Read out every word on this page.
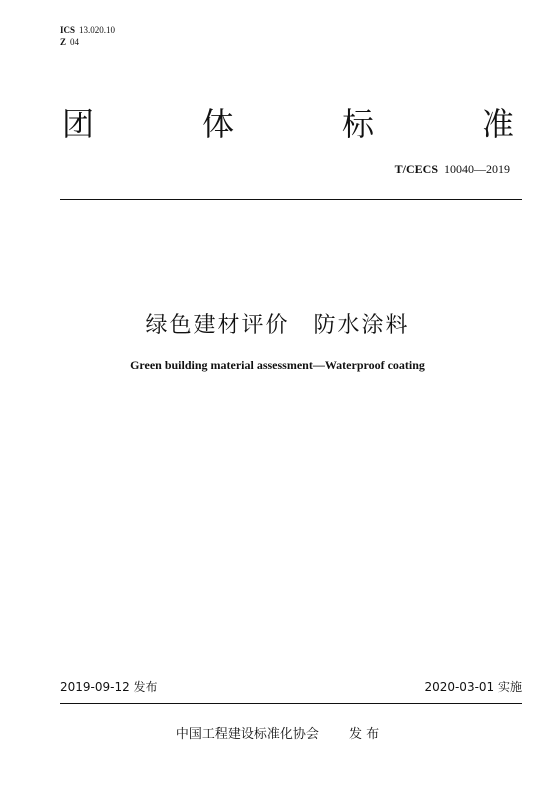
ICS 13.020.10
Z 04
团	体	标	准
T/CECS 10040—2019
绿色建材评价　防水涂料
Green building material assessment—Waterproof coating
2019-09-12 发布	2020-03-01 实施
中国工程建设标准化协会 发 布
